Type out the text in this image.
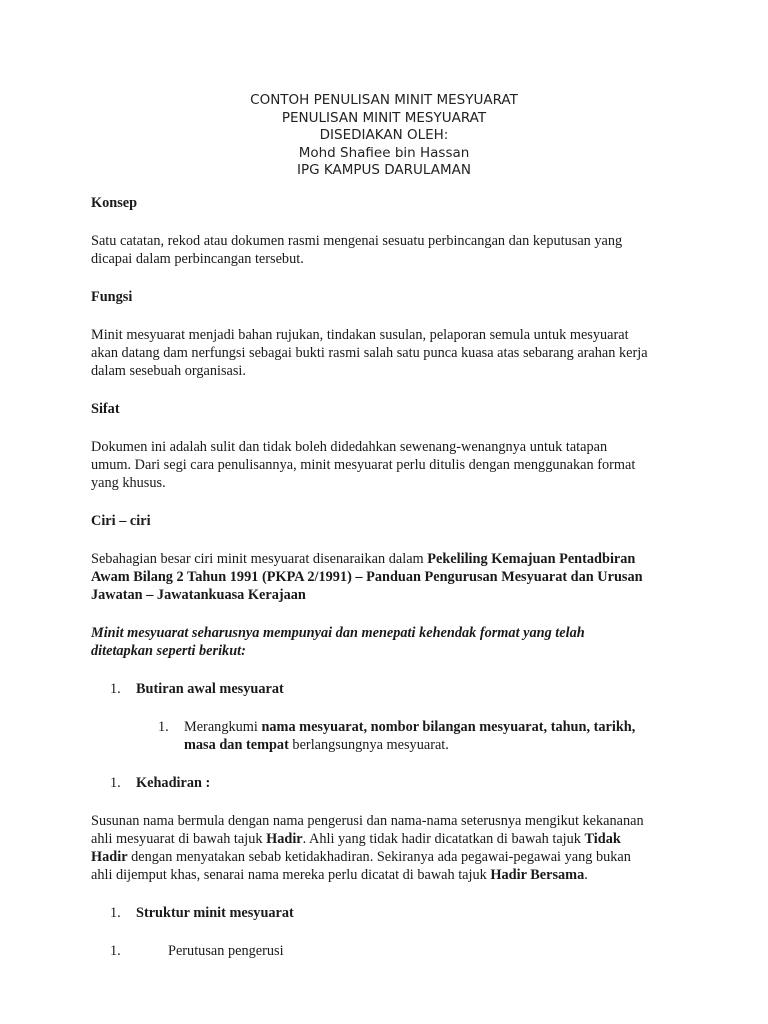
CONTOH PENULISAN MINIT MESYUARAT
PENULISAN MINIT MESYUARAT
DISEDIAKAN OLEH:
Mohd Shafiee bin Hassan
IPG KAMPUS DARULAMAN

Konsep

Satu catatan, rekod atau dokumen rasmi mengenai sesuatu perbincangan dan keputusan yang

dicapai dalam perbincangan tersebut.

Fungsi

Minit mesyuarat menjadi bahan rujukan, tindakan susulan, pelaporan semula untuk mesyuarat

akan datang dam nerfungsi sebagai bukti rasmi salah satu punca kuasa atas sebarang arahan kerja

dalam sesebuah organisasi.

Sifat

Dokumen ini adalah sulit dan tidak boleh didedahkan sewenang-wenangnya untuk tatapan

umum. Dari segi cara penulisannya, minit mesyuarat perlu ditulis dengan menggunakan format

yang khusus.

Ciri – ciri

Sebahagian besar ciri minit mesyuarat disenaraikan dalam Pekeliling Kemajuan Pentadbiran

Awam Bilang 2 Tahun 1991 (PKPA 2/1991) – Panduan Pengurusan Mesyuarat dan Urusan

Jawatan – Jawatankuasa Kerajaan

Minit mesyuarat seharusnya mempunyai dan menepati kehendak format yang telah

ditetapkan seperti berikut:

1.	Butiran awal mesyuarat
1.	Merangkumi nama mesyuarat, nombor bilangan mesyuarat, tahun, tarikh,

masa dan tempat berlangsungnya mesyuarat.

1.	Kehadiran :

Susunan nama bermula dengan nama pengerusi dan nama-nama seterusnya mengikut kekananan

ahli mesyuarat di bawah tajuk Hadir. Ahli yang tidak hadir dicatatkan di bawah tajuk Tidak

Hadir dengan menyatakan sebab ketidakhadiran. Sekiranya ada pegawai-pegawai yang bukan

ahli dijemput khas, senarai nama mereka perlu dicatat di bawah tajuk Hadir Bersama.

1.	Struktur minit mesyuarat
1.	Perutusan pengerusi
